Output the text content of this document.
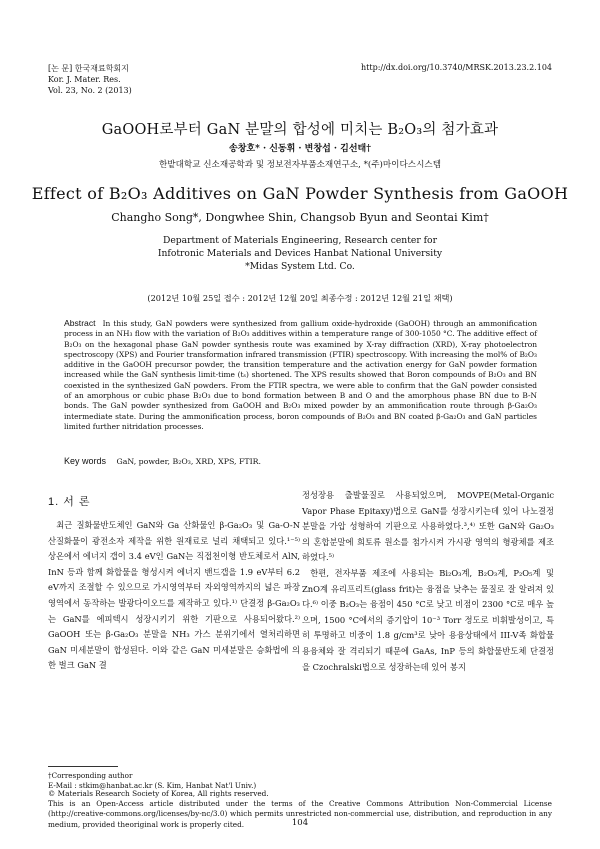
[논 문] 한국재료학회지
Kor. J. Mater. Res.
Vol. 23, No. 2 (2013)
http://dx.doi.org/10.3740/MRSK.2013.23.2.104
GaOOH로부터 GaN 분말의 합성에 미치는 B₂O₃의 첨가효과
송창호* · 신동휘 · 변창섭 · 김선태†
한밭대학교 신소재공학과 및 정보전자부품소재연구소, *(주)마이다스시스템
Effect of B₂O₃ Additives on GaN Powder Synthesis from GaOOH
Changho Song*, Dongwhee Shin, Changsob Byun and Seontai Kim†
Department of Materials Engineering, Research center for
Infotronic Materials and Devices Hanbat National University
*Midas System Ltd. Co.
(2012년 10월 25일 접수 : 2012년 12월 20일 최종수정 : 2012년 12월 21일 채택)
Abstract In this study, GaN powders were synthesized from gallium oxide-hydroxide (GaOOH) through an ammonification process in an NH₃ flow with the variation of B₂O₃ additives within a temperature range of 300-1050 °C. The additive effect of B₂O₃ on the hexagonal phase GaN powder synthesis route was examined by X-ray diffraction (XRD), X-ray photoelectron spectroscopy (XPS) and Fourier transformation infrared transmission (FTIR) spectroscopy. With increasing the mol% of B₂O₃ additive in the GaOOH precursor powder, the transition temperature and the activation energy for GaN powder formation increased while the GaN synthesis limit-time (tₛ) shortened. The XPS results showed that Boron compounds of B₂O₃ and BN coexisted in the synthesized GaN powders. From the FTIR spectra, we were able to confirm that the GaN powder consisted of an amorphous or cubic phase B₂O₃ due to bond formation between B and O and the amorphous phase BN due to B-N bonds. The GaN powder synthesized from GaOOH and B₂O₃ mixed powder by an ammonification route through β-Ga₂O₃ intermediate state. During the ammonification process, boron compounds of B₂O₃ and BN coated β-Ga₂O₃ and GaN particles limited further nitridation processes.
Key words GaN, powder, B₂O₃, XRD, XPS, FTIR.
1. 서 론

최근 질화물반도체인 GaN와 Ga 산화물인 β-Ga₂O₃ 및 Ga-O-N 산질화물이 광전소자 제작을 위한 원재료로 널리 채택되고 있다.¹⁻⁵⁾ 상온에서 에너지 갭이 3.4 eV인 GaN는 직접천이형 반도체로서 AlN, InN 등과 함께 화합물을 형성시켜 에너지 밴드갭을 1.9 eV부터 6.2 eV까지 조절할 수 있으므로 가시영역부터 자외영역까지의 넓은 파장영역에서 동작하는 발광다이오드를 제작하고 있다.¹⁾ 단결정 β-Ga₂O₃는 GaN를 에피텍시 성장시키기 위한 기판으로 사용되어왔다.²⁾ GaOOH 또는 β-Ga₂O₃ 분말을 NH₃ 가스 분위기에서 열처리하면 GaN 미세분말이 합성된다. 이와 같은 GaN 미세분말은 승화법에 의한 벌크 GaN 결

정성장용 출발물질로 사용되었으며, MOVPE(Metal-Organic Vapor Phase Epitaxy)법으로 GaN를 성장시키는데 있어 나노결정 분말을 가압 성형하여 기판으로 사용하였다.³,⁴⁾ 또한 GaN와 Ga₂O₃의 혼합분말에 희토류 원소를 첨가시켜 가시광 영역의 형광체를 제조하였다.⁵⁾

한편, 전자부품 제조에 사용되는 Bi₂O₃계, B₂O₃계, P₂O₅계 및 ZnO계 유리프리트(glass frit)는 융점을 낮추는 물질로 잘 알려져 있다.⁶⁾ 이중 B₂O₃는 융점이 450 °C로 낮고 비점이 2300 °C로 매우 높으며, 1500 °C에서의 증기압이 10⁻³ Torr 정도로 비휘발성이고, 특히 투명하고 비중이 1.8 g/cm³로 낮아 용융상태에서 III-V족 화합물 용융체와 잘 격리되기 때문에 GaAs, InP 등의 화합물반도체 단결정을 Czochralski법으로 성장하는데 있어 봉지

†Corresponding author
E-Mail : stkim@hanbat.ac.kr (S. Kim, Hanbat Nat'l Univ.)
© Materials Research Society of Korea, All rights reserved.
This is an Open-Access article distributed under the terms of the Creative Commons Attribution Non-Commercial License (http://creative-commons.org/licenses/by-nc/3.0) which permits unrestricted non-commercial use, distribution, and reproduction in any medium, provided theoriginal work is properly cited.	104
